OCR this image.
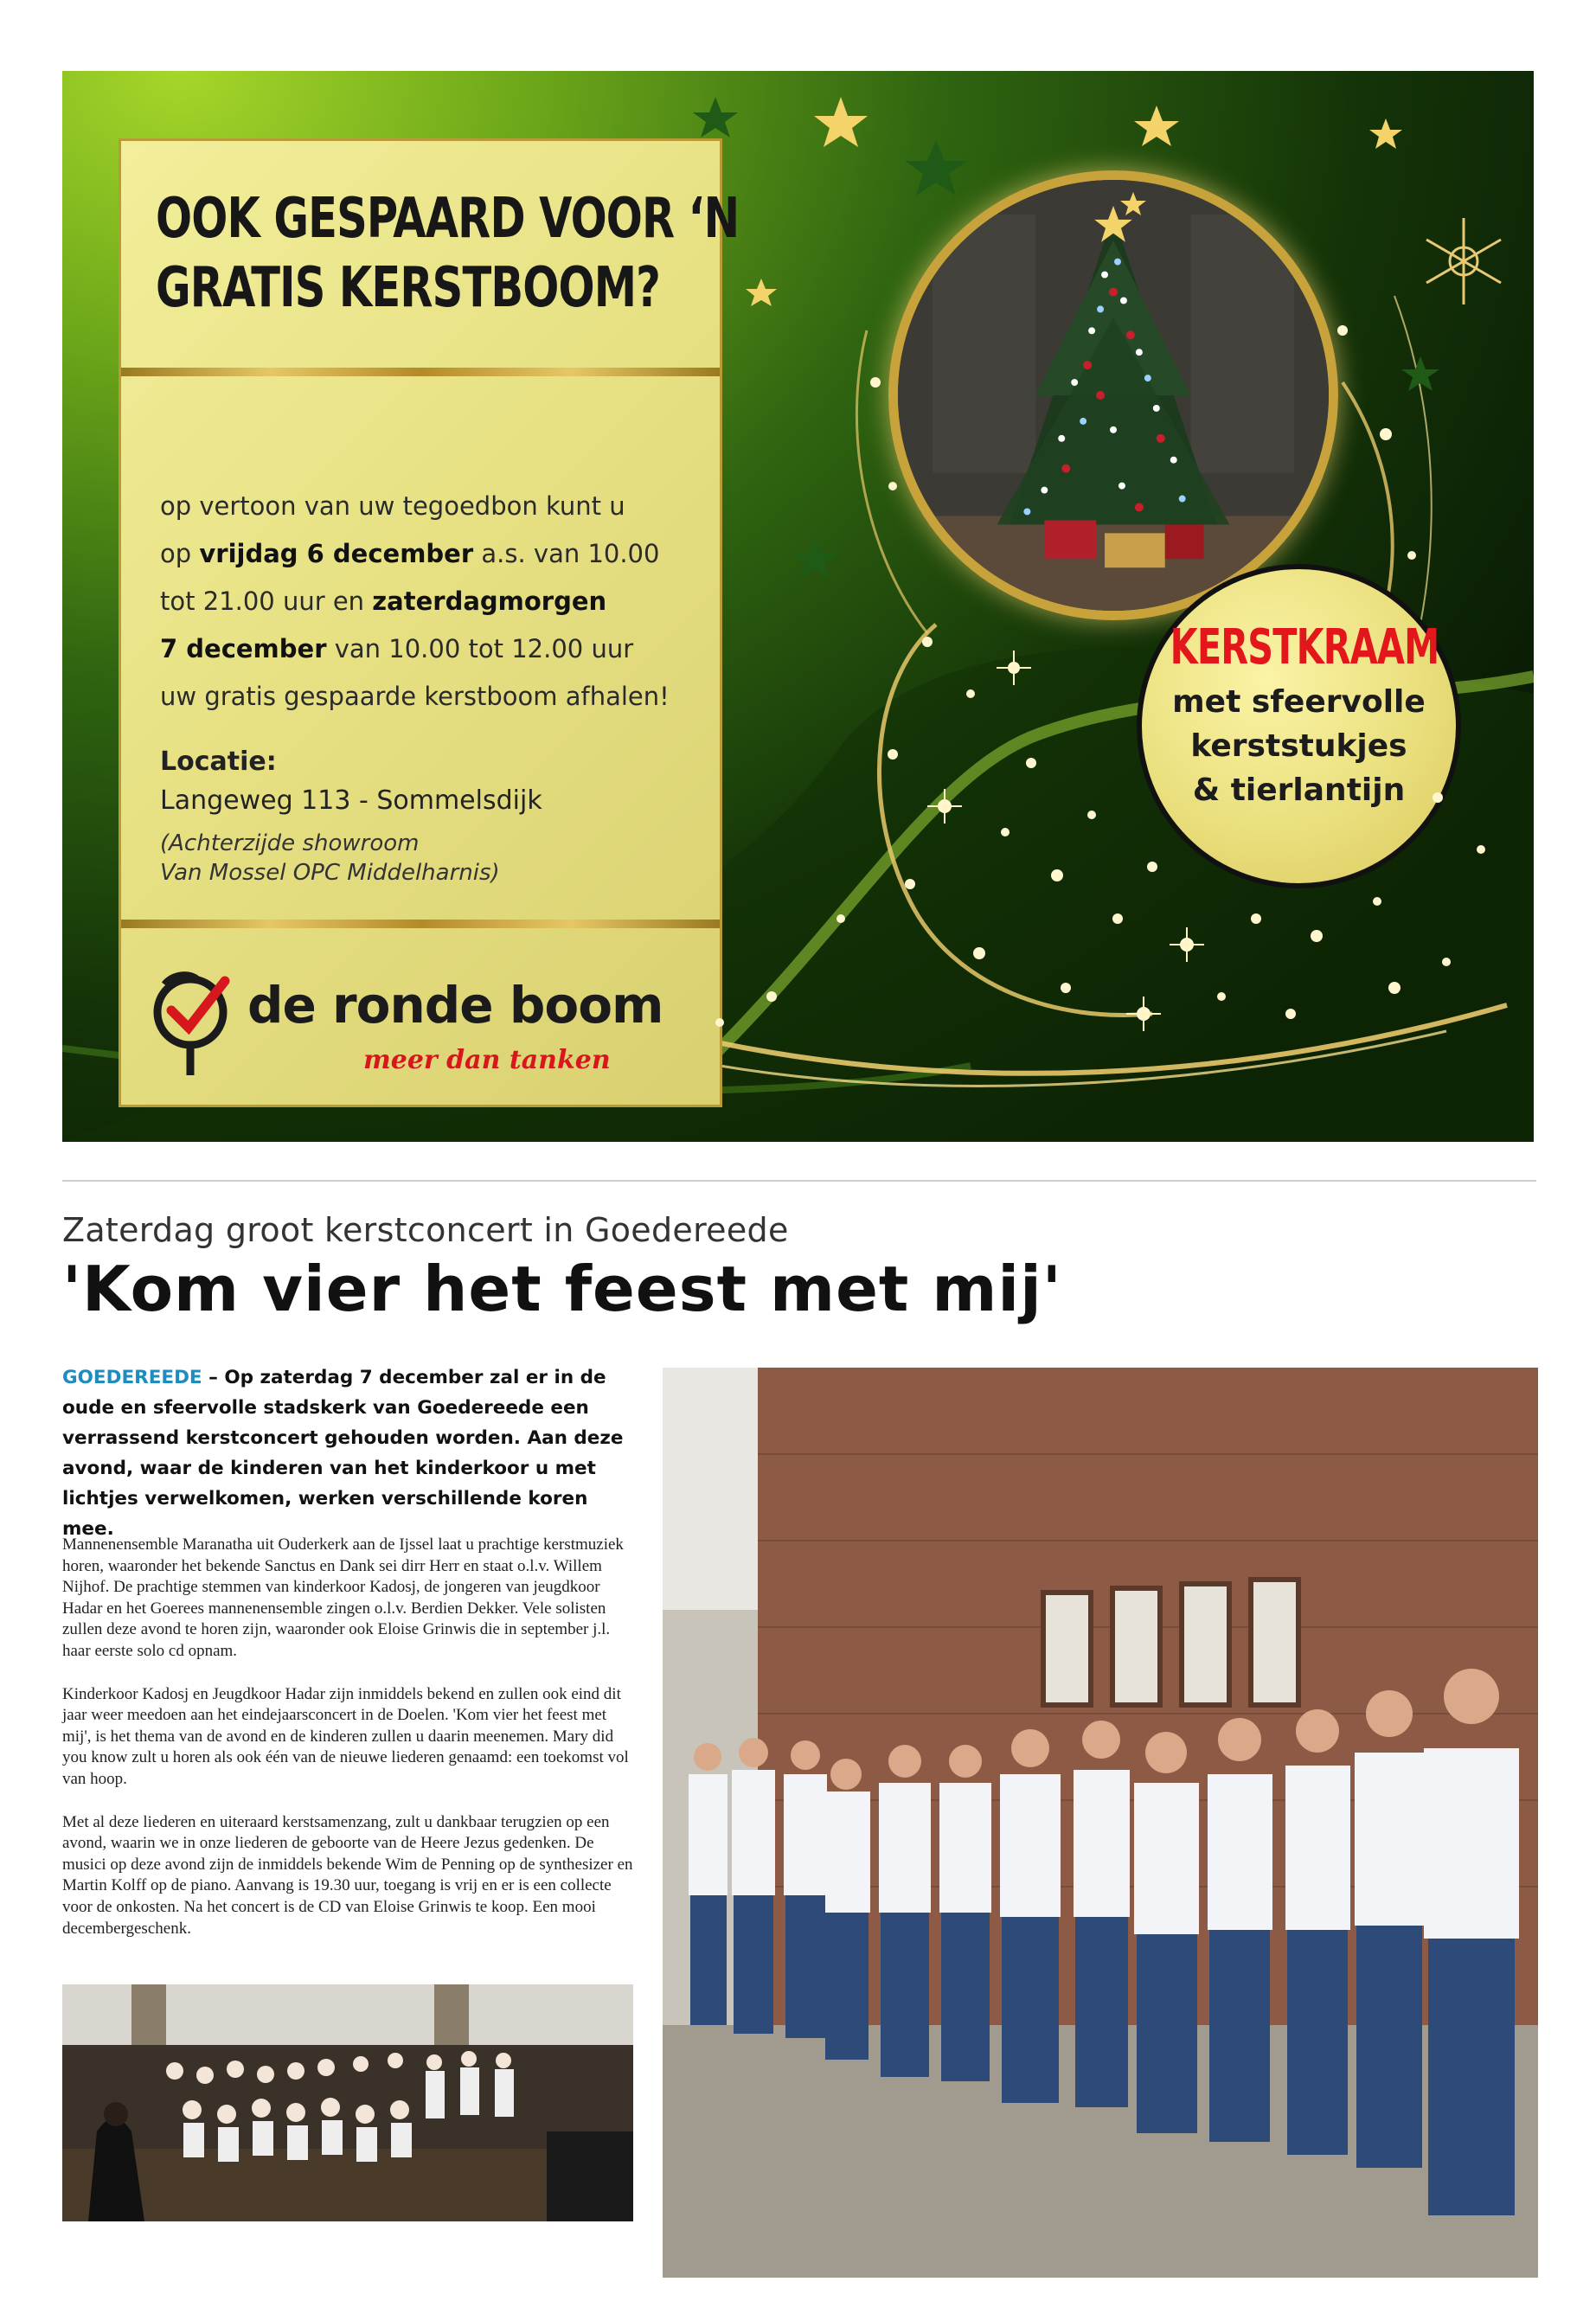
OOK GESPAARD VOOR ‘N
GRATIS KERSTBOOM?
op vertoon van uw tegoedbon kunt u
op vrijdag 6 december a.s. van 10.00
tot 21.00 uur en zaterdagmorgen
7 december van 10.00 tot 12.00 uur
uw gratis gespaarde kerstboom afhalen!
Locatie:
Langeweg 113 - Sommelsdijk
(Achterzijde showroom
Van Mossel OPC Middelharnis)
de ronde boom
meer dan tanken
KERSTKRAAM
met sfeervolle
kerststukjes
& tierlantijn
Zaterdag groot kerstconcert in Goedereede
'Kom vier het feest met mij'
GOEDEREEDE – Op zaterdag 7 december zal er in de oude en sfeervolle stadskerk van Goedereede een verrassend kerstconcert gehouden worden. Aan deze avond, waar de kinderen van het kinderkoor u met lichtjes verwelkomen, werken verschillende koren mee.

Mannenensemble Maranatha uit Ouderkerk aan de Ijssel laat u prachtige kerstmuziek horen, waaronder het bekende Sanctus en Dank sei dirr Herr en staat o.l.v. Willem Nijhof. De prachtige stemmen van kinderkoor Kadosj, de jongeren van jeugdkoor Hadar en het Goerees mannenensemble zingen o.l.v. Berdien Dekker. Vele solisten zullen deze avond te horen zijn, waaronder ook Eloise Grinwis die in september j.l. haar eerste solo cd opnam.

Kinderkoor Kadosj en Jeugdkoor Hadar zijn inmiddels bekend en zullen ook eind dit jaar weer meedoen aan het eindejaarsconcert in de Doelen. 'Kom vier het feest met mij', is het thema van de avond en de kinderen zullen u daarin meenemen. Mary did you know zult u horen als ook één van de nieuwe liederen genaamd: een toekomst vol van hoop.

Met al deze liederen en uiteraard kerstsamenzang, zult u dankbaar terugzien op een avond, waarin we in onze liederen de geboorte van de Heere Jezus gedenken. De musici op deze avond zijn de inmiddels bekende Wim de Penning op de synthesizer en Martin Kolff op de piano. Aanvang is 19.30 uur, toegang is vrij en er is een collecte voor de onkosten. Na het concert is de CD van Eloise Grinwis te koop. Een mooi decembergeschenk.
